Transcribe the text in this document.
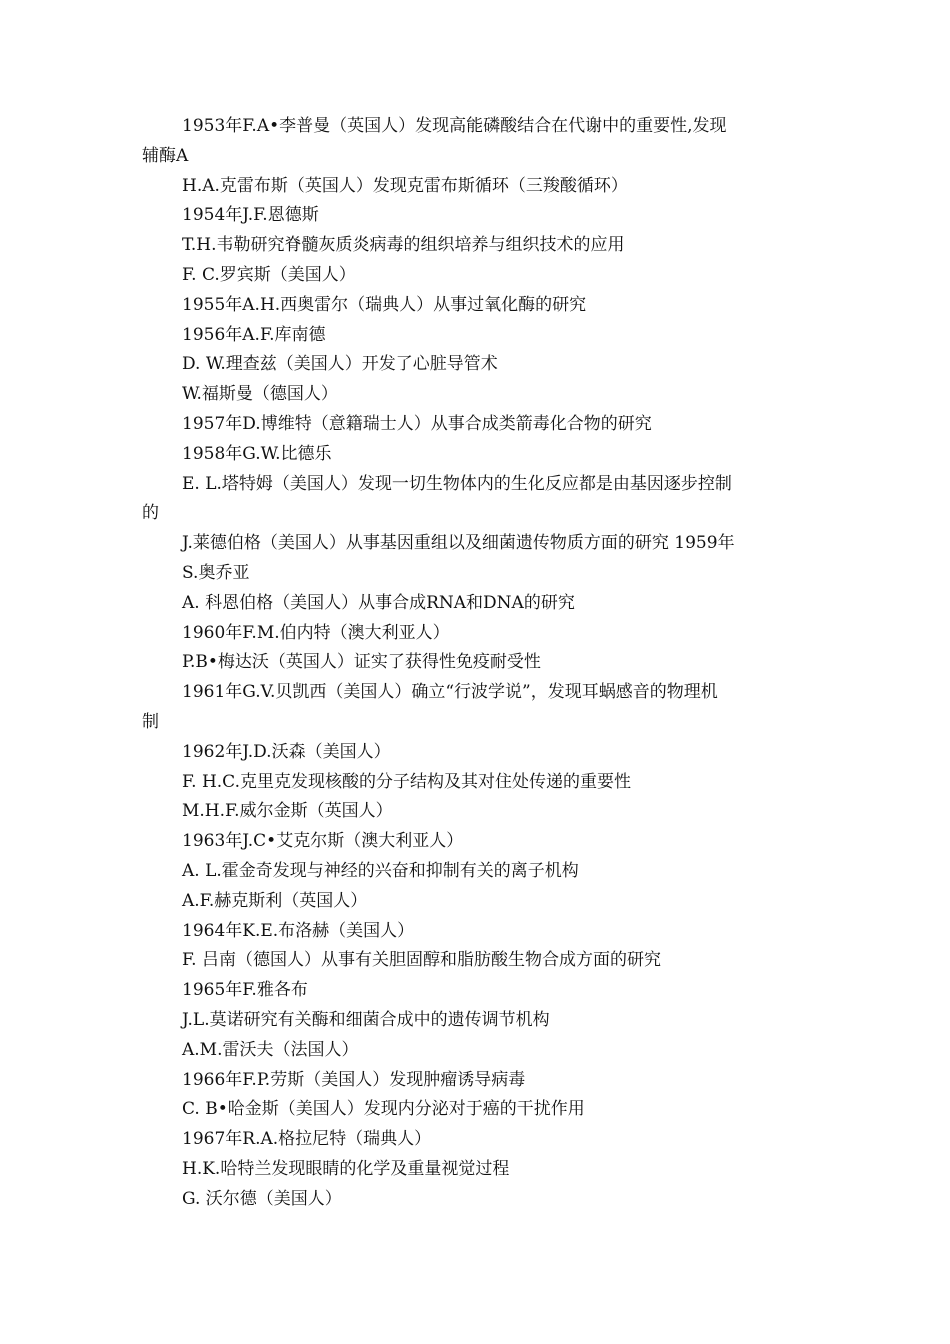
1953年F.A•李普曼（英国人）发现高能磷酸结合在代谢中的重要性,发现
辅酶A
H.A.克雷布斯（英国人）发现克雷布斯循环（三羧酸循环）
1954年J.F.恩德斯
T.H.韦勒研究脊髓灰质炎病毒的组织培养与组织技术的应用
F. C.罗宾斯（美国人）
1955年A.H.西奥雷尔（瑞典人）从事过氧化酶的研究
1956年A.F.库南德
D. W.理查兹（美国人）开发了心脏导管术
W.福斯曼（德国人）
1957年D.博维特（意籍瑞士人）从事合成类箭毒化合物的研究
1958年G.W.比德乐
E. L.塔特姆（美国人）发现一切生物体内的生化反应都是由基因逐步控制
的
J.莱德伯格（美国人）从事基因重组以及细菌遗传物质方面的研究 1959年
S.奥乔亚
A. 科恩伯格（美国人）从事合成RNA和DNA的研究
1960年F.M.伯内特（澳大利亚人）
P.B•梅达沃（英国人）证实了获得性免疫耐受性
1961年G.V.贝凯西（美国人）确立“行波学说”，发现耳蜗感音的物理机
制
1962年J.D.沃森（美国人）
F. H.C.克里克发现核酸的分子结构及其对住处传递的重要性
M.H.F.威尔金斯（英国人）
1963年J.C•艾克尔斯（澳大利亚人）
A. L.霍金奇发现与神经的兴奋和抑制有关的离子机构
A.F.赫克斯利（英国人）
1964年K.E.布洛赫（美国人）
F. 吕南（德国人）从事有关胆固醇和脂肪酸生物合成方面的研究
1965年F.雅各布
J.L.莫诺研究有关酶和细菌合成中的遗传调节机构
A.M.雷沃夫（法国人）
1966年F.P.劳斯（美国人）发现肿瘤诱导病毒
C. B•哈金斯（美国人）发现内分泌对于癌的干扰作用
1967年R.A.格拉尼特（瑞典人）
H.K.哈特兰发现眼睛的化学及重量视觉过程
G. 沃尔德（美国人）
